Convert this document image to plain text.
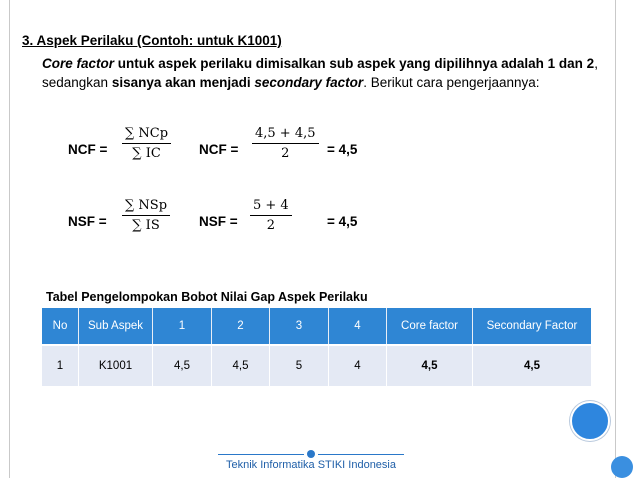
3. Aspek Perilaku (Contoh: untuk K1001)
Core factor untuk aspek perilaku dimisalkan sub aspek yang dipilihnya adalah 1 dan 2, sedangkan sisanya akan menjadi secondary factor. Berikut cara pengerjaannya:
NCF =
∑ NCp
∑ IC	NCF = $\frac{4,5 + 4,5}{2} = 4,5$
NSF =
∑ NSp
∑ IS	NSF = $\frac{5 + 4}{2}$	= 4,5
Tabel Pengelompokan Bobot Nilai Gap Aspek Perilaku
No	Sub Aspek	1	2	3	4	Core factor	Secondary Factor
1	K1001	4,5	4,5	5	4	4,5	4,5
Teknik Informatika STIKI Indonesia
